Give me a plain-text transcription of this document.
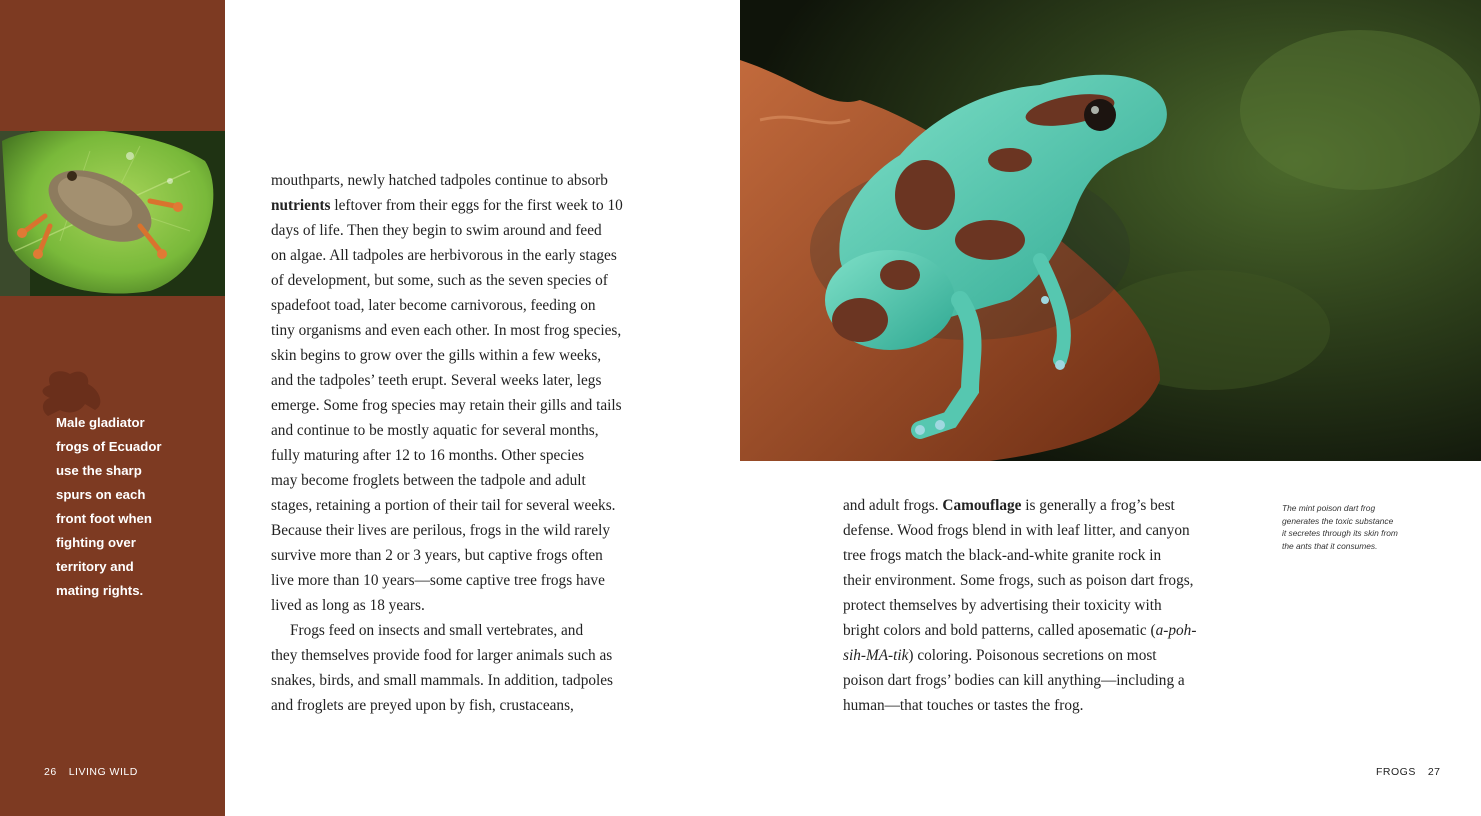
Male gladiator
frogs of Ecuador
use the sharp
spurs on each
front foot when
fighting over
territory and
mating rights.
26 LIVING WILD
mouthparts, newly hatched tadpoles continue to absorb
nutrients leftover from their eggs for the first week to 10
days of life. Then they begin to swim around and feed
on algae. All tadpoles are herbivorous in the early stages
of development, but some, such as the seven species of
spadefoot toad, later become carnivorous, feeding on
tiny organisms and even each other. In most frog species,
skin begins to grow over the gills within a few weeks,
and the tadpoles’ teeth erupt. Several weeks later, legs
emerge. Some frog species may retain their gills and tails
and continue to be mostly aquatic for several months,
fully maturing after 12 to 16 months. Other species
may become froglets between the tadpole and adult
stages, retaining a portion of their tail for several weeks.
Because their lives are perilous, frogs in the wild rarely
survive more than 2 or 3 years, but captive frogs often
live more than 10 years—some captive tree frogs have
lived as long as 18 years.
Frogs feed on insects and small vertebrates, and
they themselves provide food for larger animals such as
snakes, birds, and small mammals. In addition, tadpoles
and froglets are preyed upon by fish, crustaceans,
and adult frogs. Camouflage is generally a frog’s best
defense. Wood frogs blend in with leaf litter, and canyon
tree frogs match the black-and-white granite rock in
their environment. Some frogs, such as poison dart frogs,
protect themselves by advertising their toxicity with
bright colors and bold patterns, called aposematic (a-poh-
sih-MA-tik) coloring. Poisonous secretions on most
poison dart frogs’ bodies can kill anything—including a
human—that touches or tastes the frog.
The mint poison dart frog
generates the toxic substance
it secretes through its skin from
the ants that it consumes.
FROGS 27
